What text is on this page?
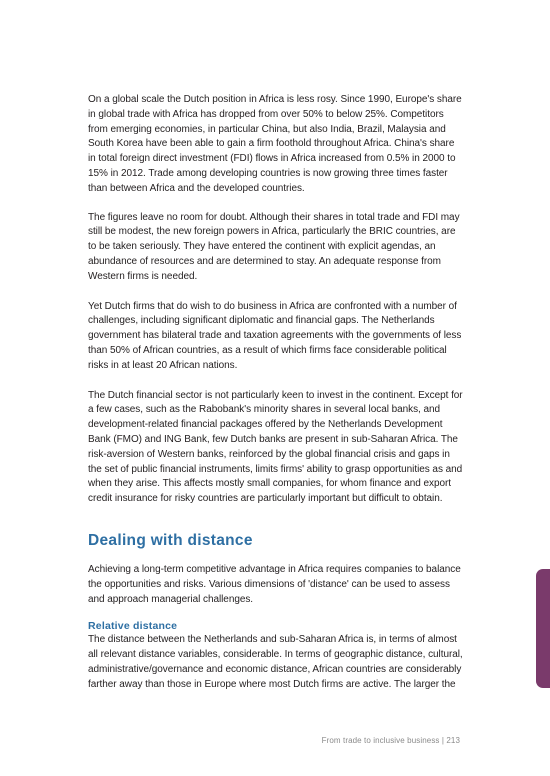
On a global scale the Dutch position in Africa is less rosy. Since 1990, Europe's share in global trade with Africa has dropped from over 50% to below 25%. Competitors from emerging economies, in particular China, but also India, Brazil, Malaysia and South Korea have been able to gain a firm foothold throughout Africa. China's share in total foreign direct investment (FDI) flows in Africa increased from 0.5% in 2000 to 15% in 2012. Trade among developing countries is now growing three times faster than between Africa and the developed countries.

The figures leave no room for doubt. Although their shares in total trade and FDI may still be modest, the new foreign powers in Africa, particularly the BRIC countries, are to be taken seriously. They have entered the continent with explicit agendas, an abundance of resources and are determined to stay. An adequate response from Western firms is needed.

Yet Dutch firms that do wish to do business in Africa are confronted with a number of challenges, including significant diplomatic and financial gaps. The Netherlands government has bilateral trade and taxation agreements with the governments of less than 50% of African countries, as a result of which firms face considerable political risks in at least 20 African nations.

The Dutch financial sector is not particularly keen to invest in the continent. Except for a few cases, such as the Rabobank's minority shares in several local banks, and development-related financial packages offered by the Netherlands Development Bank (FMO) and ING Bank, few Dutch banks are present in sub-Saharan Africa. The risk-aversion of Western banks, reinforced by the global financial crisis and gaps in the set of public financial instruments, limits firms' ability to grasp opportunities as and when they arise. This affects mostly small companies, for whom finance and export credit insurance for risky countries are particularly important but difficult to obtain.

Dealing with distance

Achieving a long-term competitive advantage in Africa requires companies to balance the opportunities and risks. Various dimensions of 'distance' can be used to assess and approach managerial challenges.

Relative distance

The distance between the Netherlands and sub-Saharan Africa is, in terms of almost all relevant distance variables, considerable. In terms of geographic distance, cultural, administrative/governance and economic distance, African countries are considerably farther away than those in Europe where most Dutch firms are active. The larger the

From trade to inclusive business | 213
